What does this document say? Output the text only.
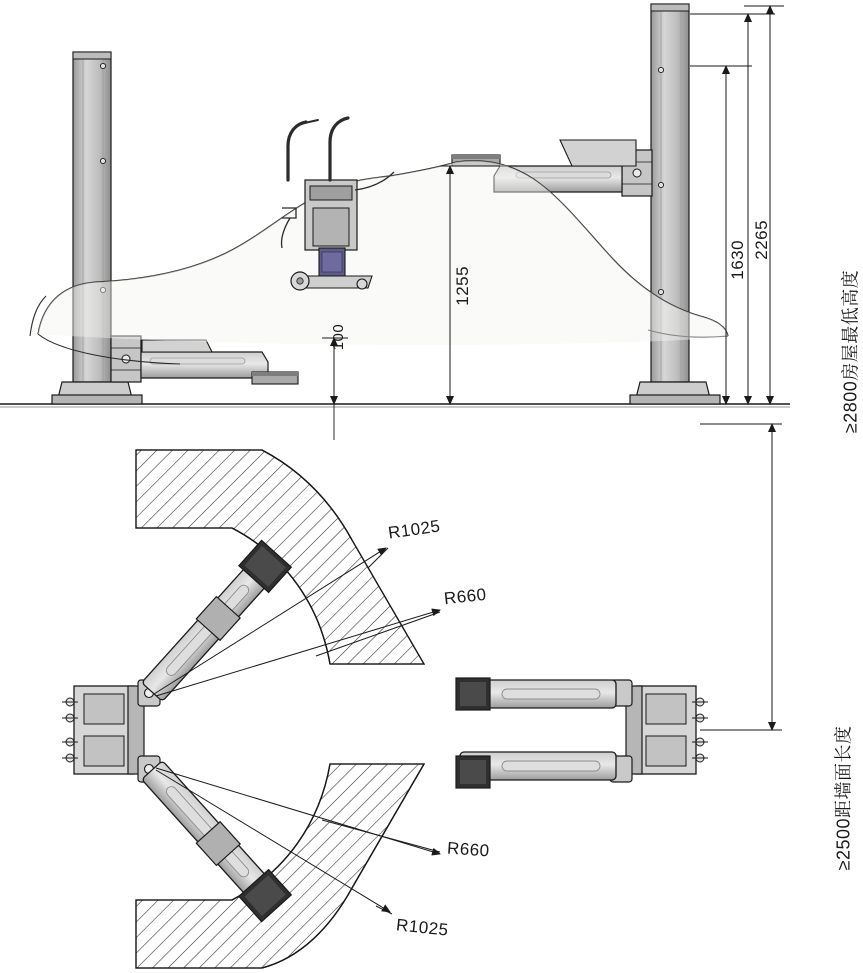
100
1255
1630
2265
≥2800房屋最低高度
≥2500距墙面长度
R1025
R660
R660
R1025
